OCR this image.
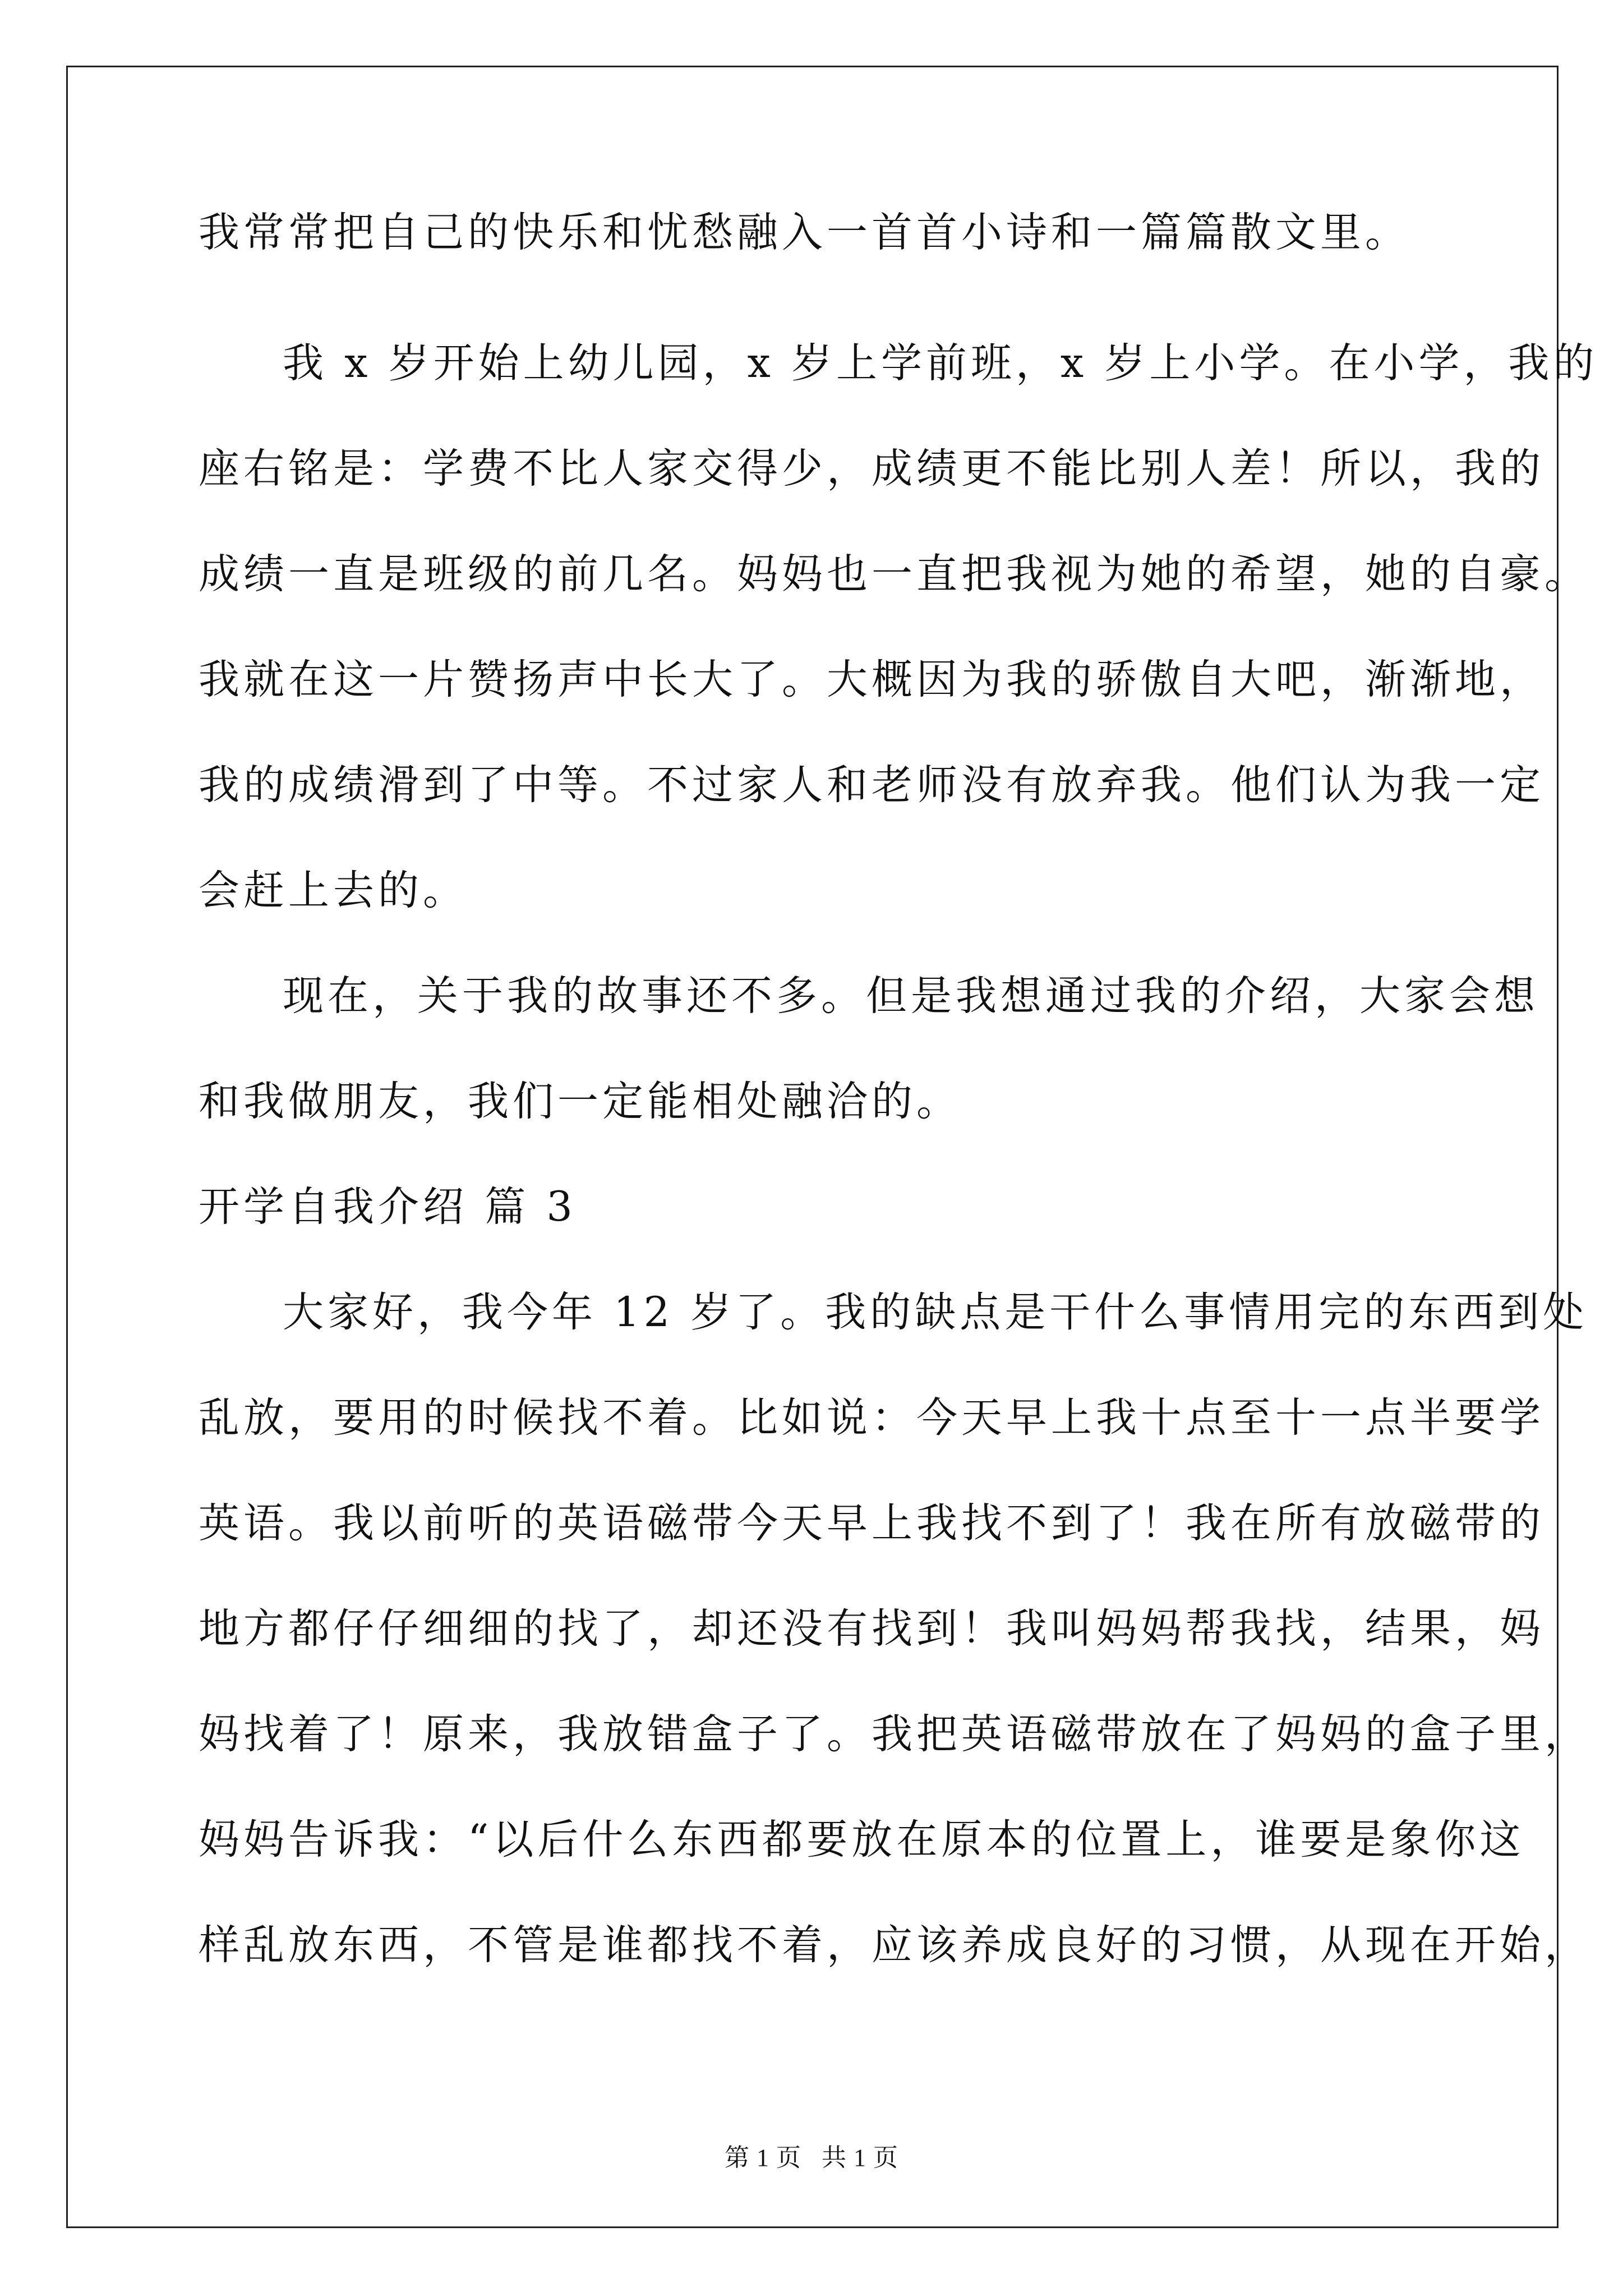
我常常把自己的快乐和忧愁融入一首首小诗和一篇篇散文里。
我 x 岁开始上幼儿园，x 岁上学前班，x 岁上小学。在小学，我的
座右铭是：学费不比人家交得少，成绩更不能比别人差！所以，我的
成绩一直是班级的前几名。妈妈也一直把我视为她的希望，她的自豪。
我就在这一片赞扬声中长大了。大概因为我的骄傲自大吧，渐渐地，
我的成绩滑到了中等。不过家人和老师没有放弃我。他们认为我一定
会赶上去的。
现在，关于我的故事还不多。但是我想通过我的介绍，大家会想
和我做朋友，我们一定能相处融洽的。
开学自我介绍 篇 3
大家好，我今年 12 岁了。我的缺点是干什么事情用完的东西到处
乱放，要用的时候找不着。比如说：今天早上我十点至十一点半要学
英语。我以前听的英语磁带今天早上我找不到了！我在所有放磁带的
地方都仔仔细细的找了，却还没有找到！我叫妈妈帮我找，结果，妈
妈找着了！原来，我放错盒子了。我把英语磁带放在了妈妈的盒子里，
妈妈告诉我：“以后什么东西都要放在原本的位置上，谁要是象你这
样乱放东西，不管是谁都找不着，应该养成良好的习惯，从现在开始，
第 1 页   共 1 页
